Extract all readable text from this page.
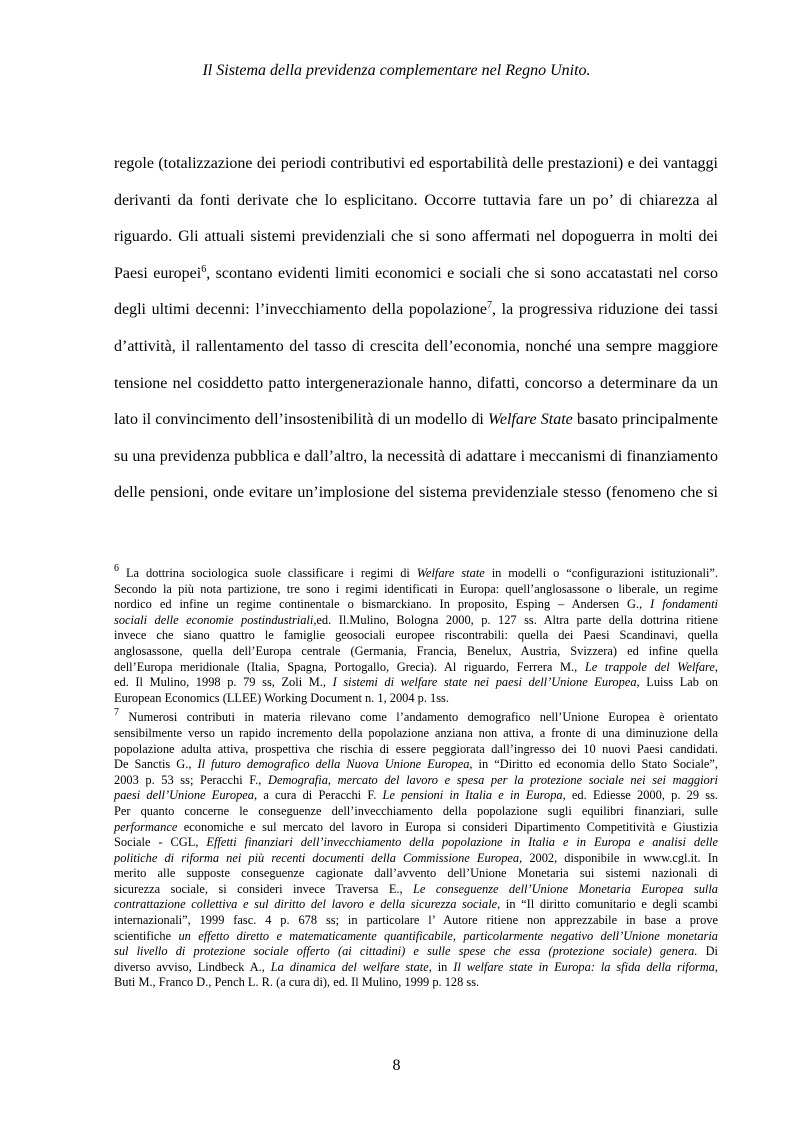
Il Sistema della previdenza complementare nel Regno Unito.
regole (totalizzazione dei periodi contributivi ed esportabilità delle prestazioni) e dei vantaggi
derivanti da fonti derivate che lo esplicitano. Occorre tuttavia fare un po’ di chiarezza al
riguardo. Gli attuali sistemi previdenziali che si sono affermati nel dopoguerra in molti dei
Paesi europei$^6$, scontano evidenti limiti economici e sociali che si sono accatastati nel corso
degli ultimi decenni: l’invecchiamento della popolazione$^7$, la progressiva riduzione dei tassi
d’attività, il rallentamento del tasso di crescita dell’economia, nonché una sempre maggiore
tensione nel cosiddetto patto intergenerazionale hanno, difatti, concorso a determinare da un
lato il convincimento dell’insostenibilità di un modello di Welfare State basato principalmente
su una previdenza pubblica e dall’altro, la necessità di adattare i meccanismi di finanziamento
delle pensioni, onde evitare un’implosione del sistema previdenziale stesso (fenomeno che si
$^6$ La dottrina sociologica suole classificare i regimi di Welfare state in modelli o “configurazioni istituzionali”.
Secondo la più nota partizione, tre sono i regimi identificati in Europa: quell’anglosassone o liberale, un regime
nordico ed infine un regime continentale o bismarckiano. In proposito, Esping – Andersen G., I fondamenti
sociali delle economie postindustriali,ed. Il.Mulino, Bologna 2000, p. 127 ss. Altra parte della dottrina ritiene
invece che siano quattro le famiglie geosociali europee riscontrabili: quella dei Paesi Scandinavi, quella
anglosassone, quella dell’Europa centrale (Germania, Francia, Benelux, Austria, Svizzera) ed infine quella
dell’Europa meridionale (Italia, Spagna, Portogallo, Grecia). Al riguardo, Ferrera M., Le trappole del Welfare,
ed. Il Mulino, 1998 p. 79 ss, Zoli M., I sistemi di welfare state nei paesi dell’Unione Europea, Luiss Lab on
European Economics (LLEE) Working Document n. 1, 2004 p. 1ss.
$^7$ Numerosi contributi in materia rilevano come l’andamento demografico nell’Unione Europea è orientato
sensibilmente verso un rapido incremento della popolazione anziana non attiva, a fronte di una diminuzione della
popolazione adulta attiva, prospettiva che rischia di essere peggiorata dall’ingresso dei 10 nuovi Paesi candidati.
De Sanctis G., Il futuro demografico della Nuova Unione Europea, in “Diritto ed economia dello Stato Sociale”,
2003 p. 53 ss; Peracchi F., Demografia, mercato del lavoro e spesa per la protezione sociale nei sei maggiori
paesi dell’Unione Europea, a cura di Peracchi F. Le pensioni in Italia e in Europa, ed. Ediesse 2000, p. 29 ss.
Per quanto concerne le conseguenze dell’invecchiamento della popolazione sugli equilibri finanziari, sulle
performance economiche e sul mercato del lavoro in Europa si consideri Dipartimento Competitività e Giustizia
Sociale - CGL, Effetti finanziari dell’invecchiamento della popolazione in Italia e in Europa e analisi delle
politiche di riforma nei più recenti documenti della Commissione Europea, 2002, disponibile in www.cgl.it. In
merito alle supposte conseguenze cagionate dall’avvento dell’Unione Monetaria sui sistemi nazionali di
sicurezza sociale, si consideri invece Traversa E., Le conseguenze dell’Unione Monetaria Europea sulla
contrattazione collettiva e sul diritto del lavoro e della sicurezza sociale, in “Il diritto comunitario e degli scambi
internazionali”, 1999 fasc. 4 p. 678 ss; in particolare l’ Autore ritiene non apprezzabile in base a prove
scientifiche un effetto diretto e matematicamente quantificabile, particolarmente negativo dell’Unione monetaria
sul livello di protezione sociale offerto (ai cittadini) e sulle spese che essa (protezione sociale) genera. Di
diverso avviso, Lindbeck A., La dinamica del welfare state, in Il welfare state in Europa: la sfida della riforma,
Buti M., Franco D., Pench L. R. (a cura di), ed. Il Mulino, 1999 p. 128 ss.
8
